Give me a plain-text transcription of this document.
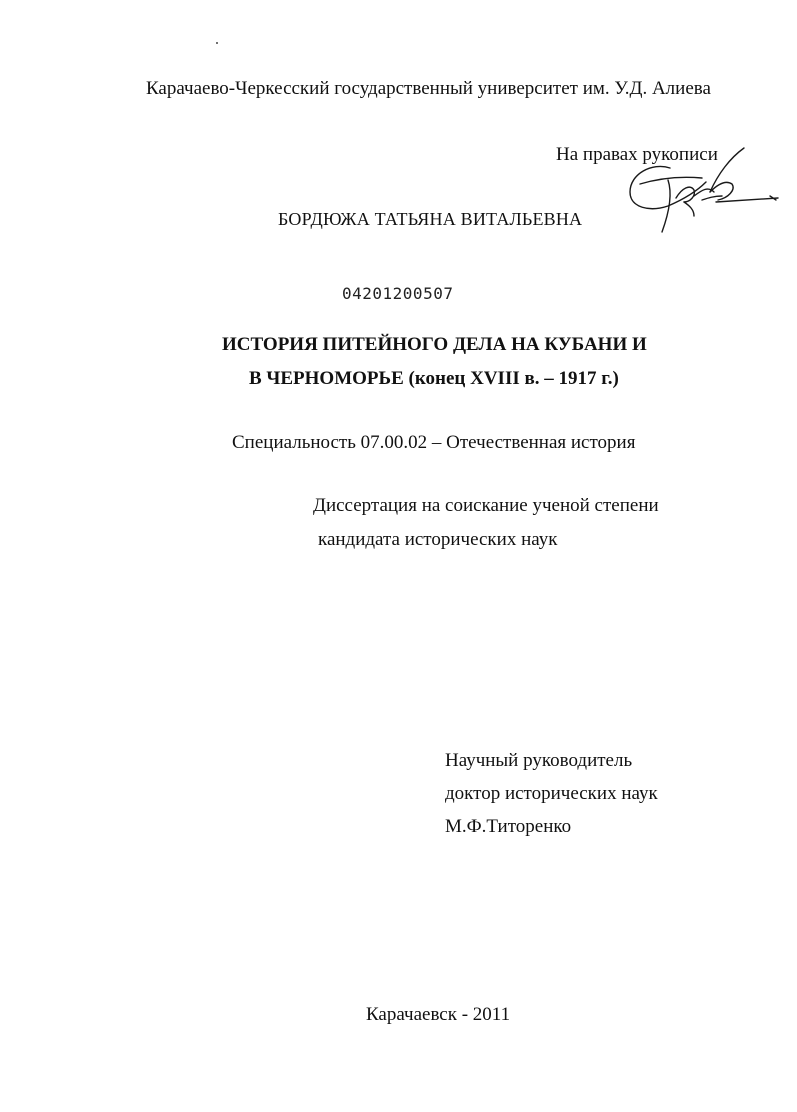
Карачаево-Черкесский государственный университет им. У.Д. Алиева
На правах рукописи
БОРДЮЖА ТАТЬЯНА ВИТАЛЬЕВНА
04201200507
ИСТОРИЯ ПИТЕЙНОГО ДЕЛА НА КУБАНИ И
В ЧЕРНОМОРЬЕ (конец XVIII в. – 1917 г.)
Специальность 07.00.02 – Отечественная история
Диссертация на соискание ученой степени
кандидата исторических наук
Научный руководитель
доктор исторических наук
М.Ф.Титоренко
Карачаевск - 2011
